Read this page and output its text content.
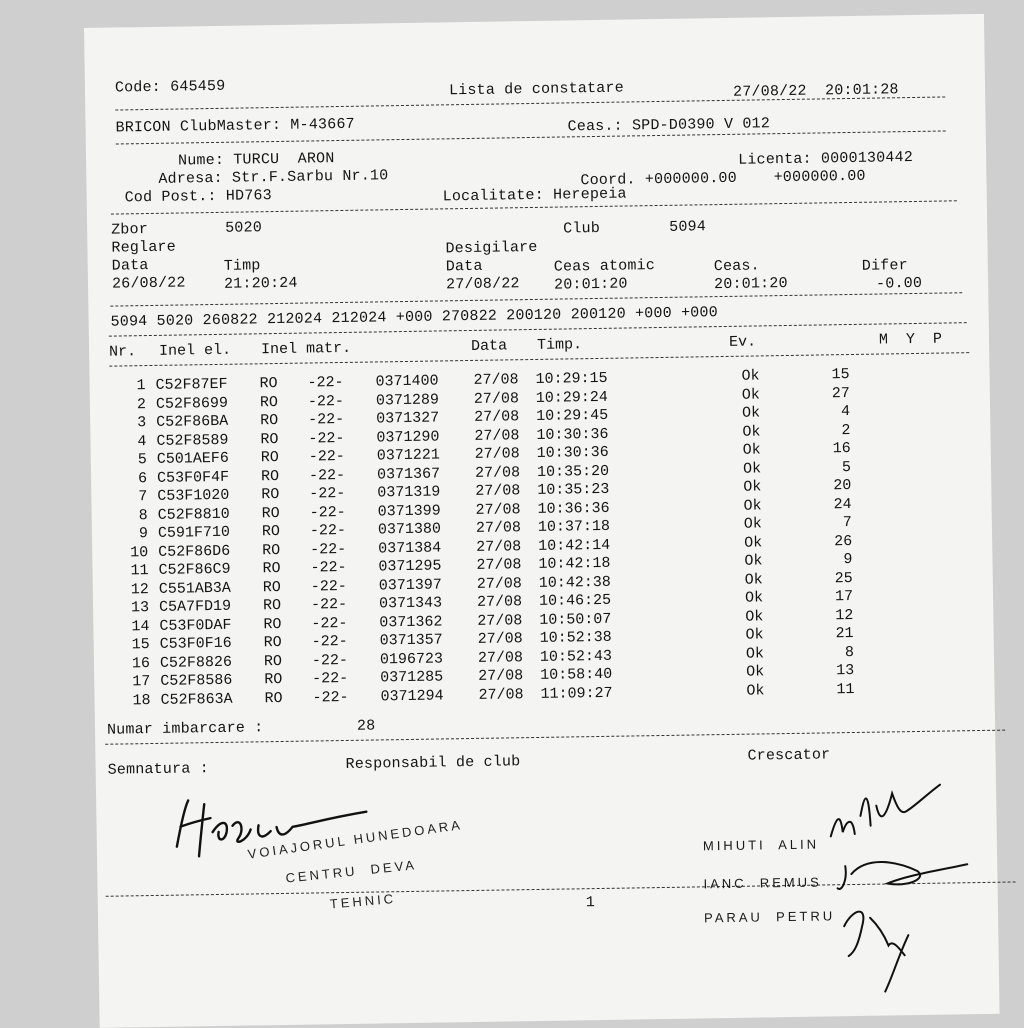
Code: 645459	Lista de constatare	27/08/22  20:01:28
BRICON ClubMaster: M-43667	Ceas.: SPD-D0390 V 012
Nume: TURCU  ARON
Adresa: Str.F.Sarbu Nr.10
Cod Post.: HD763
Licenta: 0000130442
Coord. +000000.00    +000000.00
Localitate: Herepeia
Zbor	5020	Club	5094
Reglare	Desigilare
Data	Timp
26/08/22	21:20:24
Data	Ceas atomic	Ceas.	Difer
27/08/22 20:01:20	20:01:20	-0.00
5094 5020 260822 212024 212024 +000 270822 200120 200120 +000 +000
Nr. Inel el. Inel matr.	Data Timp.	Ev.	M  Y  P
1 C52F87EF RO -22- 0371400 27/08 10:29:15	Ok	15
2 C52F8699 RO -22- 0371289 27/08 10:29:24	Ok	27
3 C52F86BA RO -22- 0371327 27/08 10:29:45	Ok	4
4 C52F8589 RO -22- 0371290 27/08 10:30:36	Ok	2
5 C501AEF6 RO -22- 0371221 27/08 10:30:36	Ok	16
6 C53F0F4F RO -22- 0371367 27/08 10:35:20	Ok	5
7 C53F1020 RO -22- 0371319 27/08 10:35:23	Ok	20
8 C52F8810 RO -22- 0371399 27/08 10:36:36	Ok	24
9 C591F710 RO -22- 0371380 27/08 10:37:18	Ok	7
10 C52F86D6 RO -22- 0371384 27/08 10:42:14	Ok	26
11 C52F86C9 RO -22- 0371295 27/08 10:42:18	Ok	9
12 C551AB3A RO -22- 0371397 27/08 10:42:38	Ok	25
13 C5A7FD19 RO -22- 0371343 27/08 10:46:25	Ok	17
14 C53F0DAF RO -22- 0371362 27/08 10:50:07	Ok	12
15 C53F0F16 RO -22- 0371357 27/08 10:52:38	Ok	21
16 C52F8826 RO -22- 0196723 27/08 10:52:43	Ok	8
17 C52F8586 RO -22- 0371285 27/08 10:58:40	Ok	13
18 C52F863A RO -22- 0371294 27/08 11:09:27	Ok	11
Numar imbarcare :	28
Semnatura :	Responsabil de club	Crescator
VOIAJORUL HUNEDOARA
CENTRU  DEVA
TEHNIC	1
MIHUTI  ALIN
IANC  REMUS
PARAU  PETRU
